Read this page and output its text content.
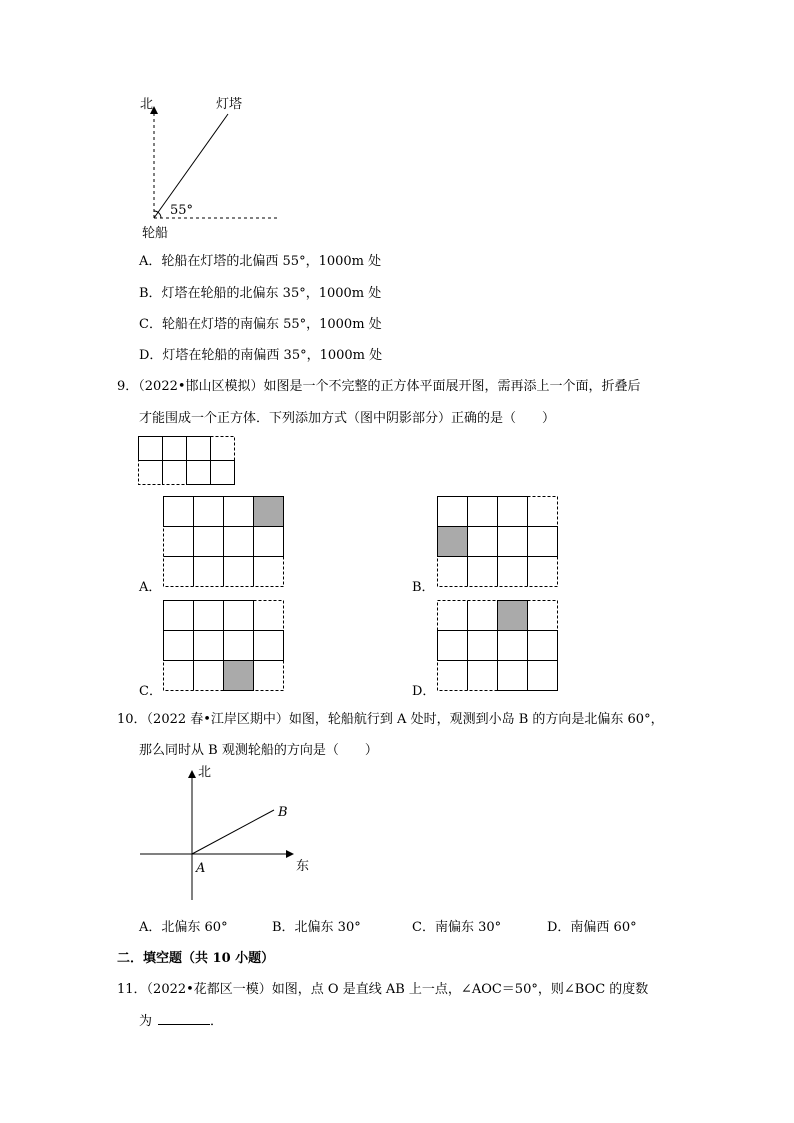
北	灯塔
55°
轮船
A．轮船在灯塔的北偏西 55°，1000m 处
B．灯塔在轮船的北偏东 35°，1000m 处
C．轮船在灯塔的南偏东 55°，1000m 处
D．灯塔在轮船的南偏西 35°，1000m 处
9．（2022•邯山区模拟）如图是一个不完整的正方体平面展开图，需再添上一个面，折叠后
才能围成一个正方体．下列添加方式（图中阴影部分）正确的是（　　）
A．	B．
C．	D．
10．（2022 春•江岸区期中）如图，轮船航行到 A 处时，观测到小岛 B 的方向是北偏东 60°，
那么同时从 B 观测轮船的方向是（　　）
北
东
A
B
A．北偏东 60°	B．北偏东 30°	C．南偏东 30°	D．南偏西 60°
二．填空题（共 10 小题）
11．（2022•花都区一模）如图，点 O 是直线 AB 上一点，∠AOC＝50°，则∠BOC 的度数
为	．
